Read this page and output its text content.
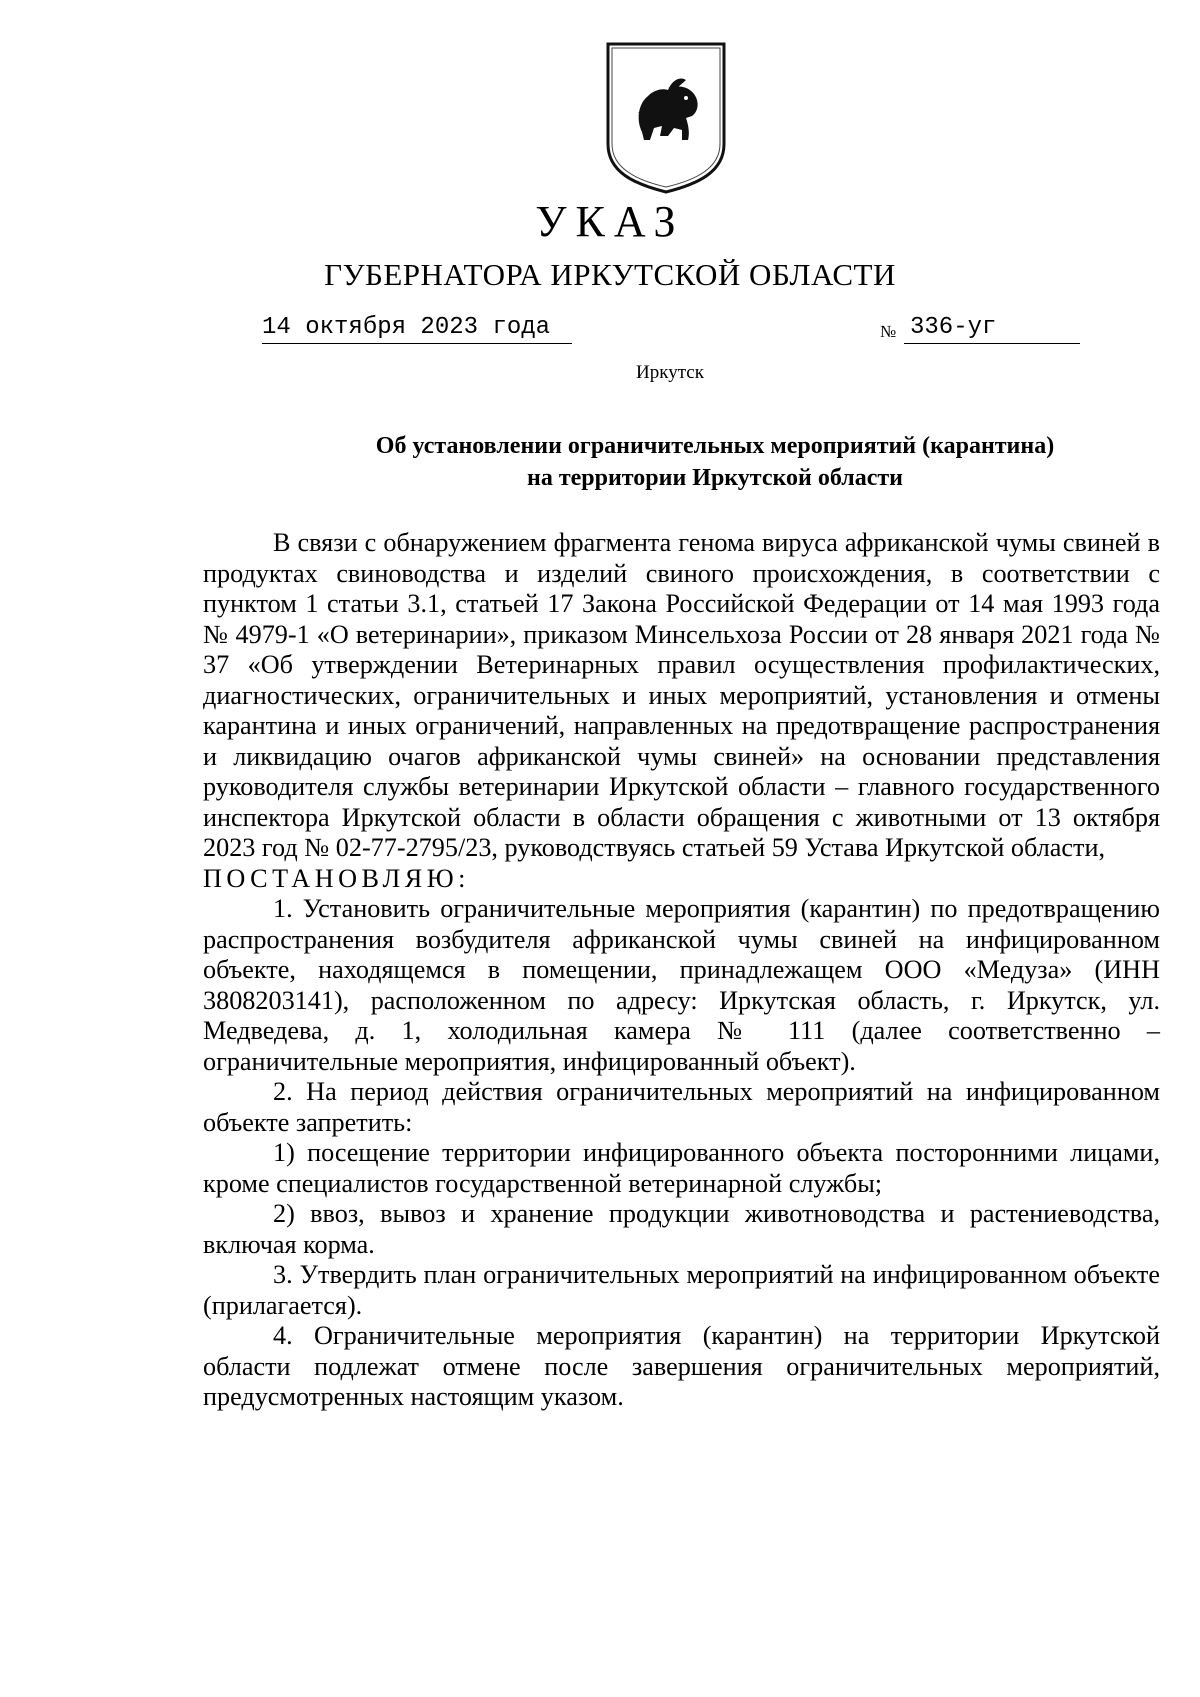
УКАЗ
ГУБЕРНАТОРА ИРКУТСКОЙ ОБЛАСТИ
14 октября 2023 года	№ 336-уг
Иркутск
Об установлении ограничительных мероприятий (карантина)
на территории Иркутской области

В связи с обнаружением фрагмента генома вируса африканской чумы свиней в продуктах свиноводства и изделий свиного происхождения, в соответствии с пунктом 1 статьи 3.1, статьей 17 Закона Российской Федерации от 14 мая 1993 года № 4979-1 «О ветеринарии», приказом Минсельхоза России от 28 января 2021 года № 37 «Об утверждении Ветеринарных правил осуществления профилактических, диагностических, ограничительных и иных мероприятий, установления и отмены карантина и иных ограничений, направленных на предотвращение распространения и ликвидацию очагов африканской чумы свиней» на основании представления руководителя службы ветеринарии Иркутской области – главного государственного инспектора Иркутской области в области обращения с животными от 13 октября 2023 год № 02-77-2795/23, руководствуясь статьей 59 Устава Иркутской области,

ПОСТАНОВЛЯЮ:

1. Установить ограничительные мероприятия (карантин) по предотвращению распространения возбудителя африканской чумы свиней на инфицированном объекте, находящемся в помещении, принадлежащем ООО «Медуза» (ИНН 3808203141), расположенном по адресу: Иркутская область, г. Иркутск, ул. Медведева, д. 1, холодильная камера № 111 (далее соответственно – ограничительные мероприятия, инфицированный объект).

2. На период действия ограничительных мероприятий на инфицированном объекте запретить:

1) посещение территории инфицированного объекта посторонними лицами, кроме специалистов государственной ветеринарной службы;

2) ввоз, вывоз и хранение продукции животноводства и растениеводства, включая корма.

3. Утвердить план ограничительных мероприятий на инфицированном объекте (прилагается).

4. Ограничительные мероприятия (карантин) на территории Иркутской области подлежат отмене после завершения ограничительных мероприятий, предусмотренных настоящим указом.
